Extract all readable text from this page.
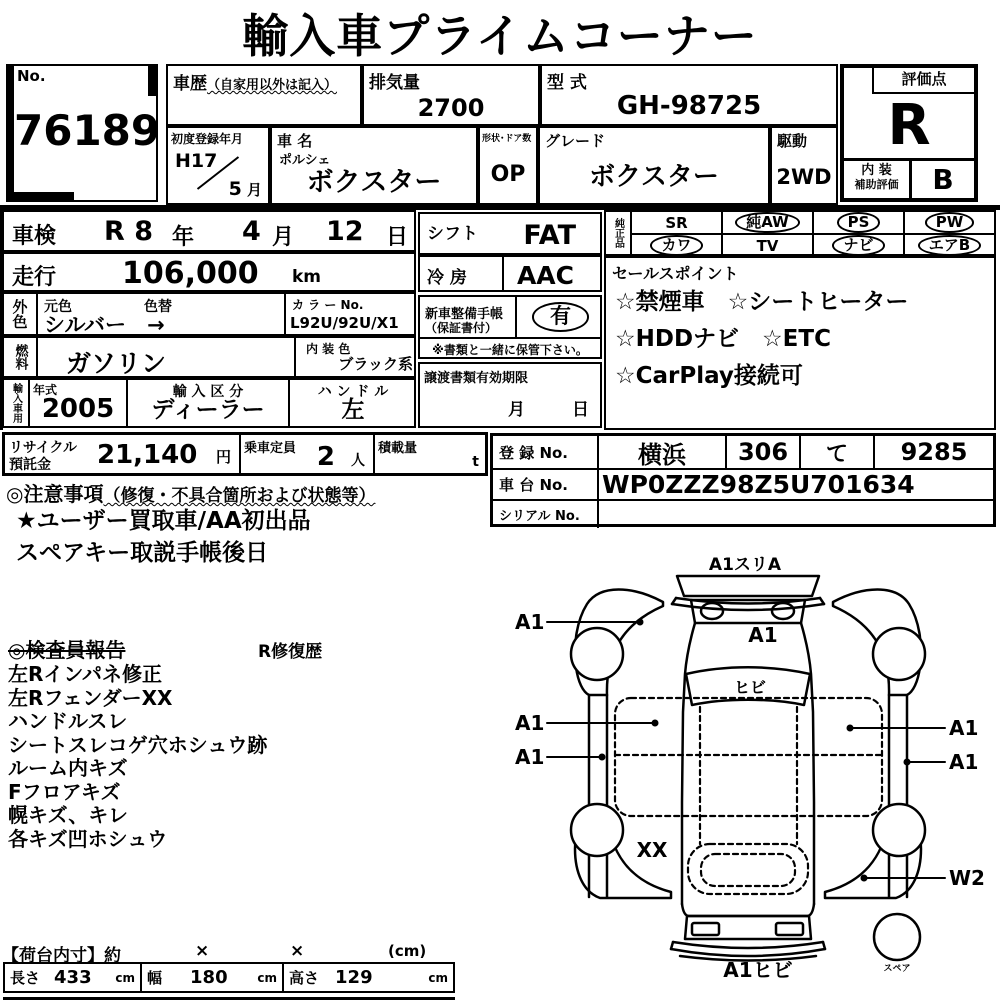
輸入車プライムコーナー
No.
76189
車歴（自家用以外は記入） 排気量
2700
型 式
GH-98725
初度登録年月
H17
5 月
車 名
ポルシェ
ボクスター
形状･ドア数
OP
グレード
ボクスター
駆動
2WD
評価点
R
内 装
補助評価	B
車検 R 8 年 4 月 12 日
走行 106,000 km
外色 元色	色替
シルバー →
カ ラ ー No.
L92U/92U/X1
燃料 ガソリン	内 装 色
ブラック系
輸入車用 年式
2005
輸 入 区 分
ディーラー
ハ ン ド ル
左
シフト FAT
冷 房 AAC
新車整備手帳
（保証書付）	有
※書類と一緒に保管下さい。
譲渡書類有効期限
月	日
純正品	SR	純AW	PS	PW
カワ	TV	ナビ	エアB
セールスポイント
☆禁煙車　☆シートヒーター
☆HDDナビ　☆ETC
☆CarPlay接続可
リサイクル
預託金 21,140 円 乗車定員 2 人
積載量
t
登 録 No.	横浜	306	て	9285
車 台 No.	WP0ZZZ98Z5U701634
シリアル No.
◎注意事項（修復・不具合箇所および状態等）
★ユーザー買取車/AA初出品
スペアキー取説手帳後日
◎検査員報告	R修復歴
左Rインパネ修正
左RフェンダーXX
ハンドルスレ
シートスレコゲ穴ホシュウ跡
ルーム内キズ
Fフロアキズ
幌キズ、キレ
各キズ凹ホシュウ
A1スリA
A1
ヒビ
A1
A1
A1
A1
A1
XX
W2
A1ヒビ	スペア
【荷台内寸】約	×	×	(cm)
長さ 433 cm 幅 180 cm 高さ 129	cm
